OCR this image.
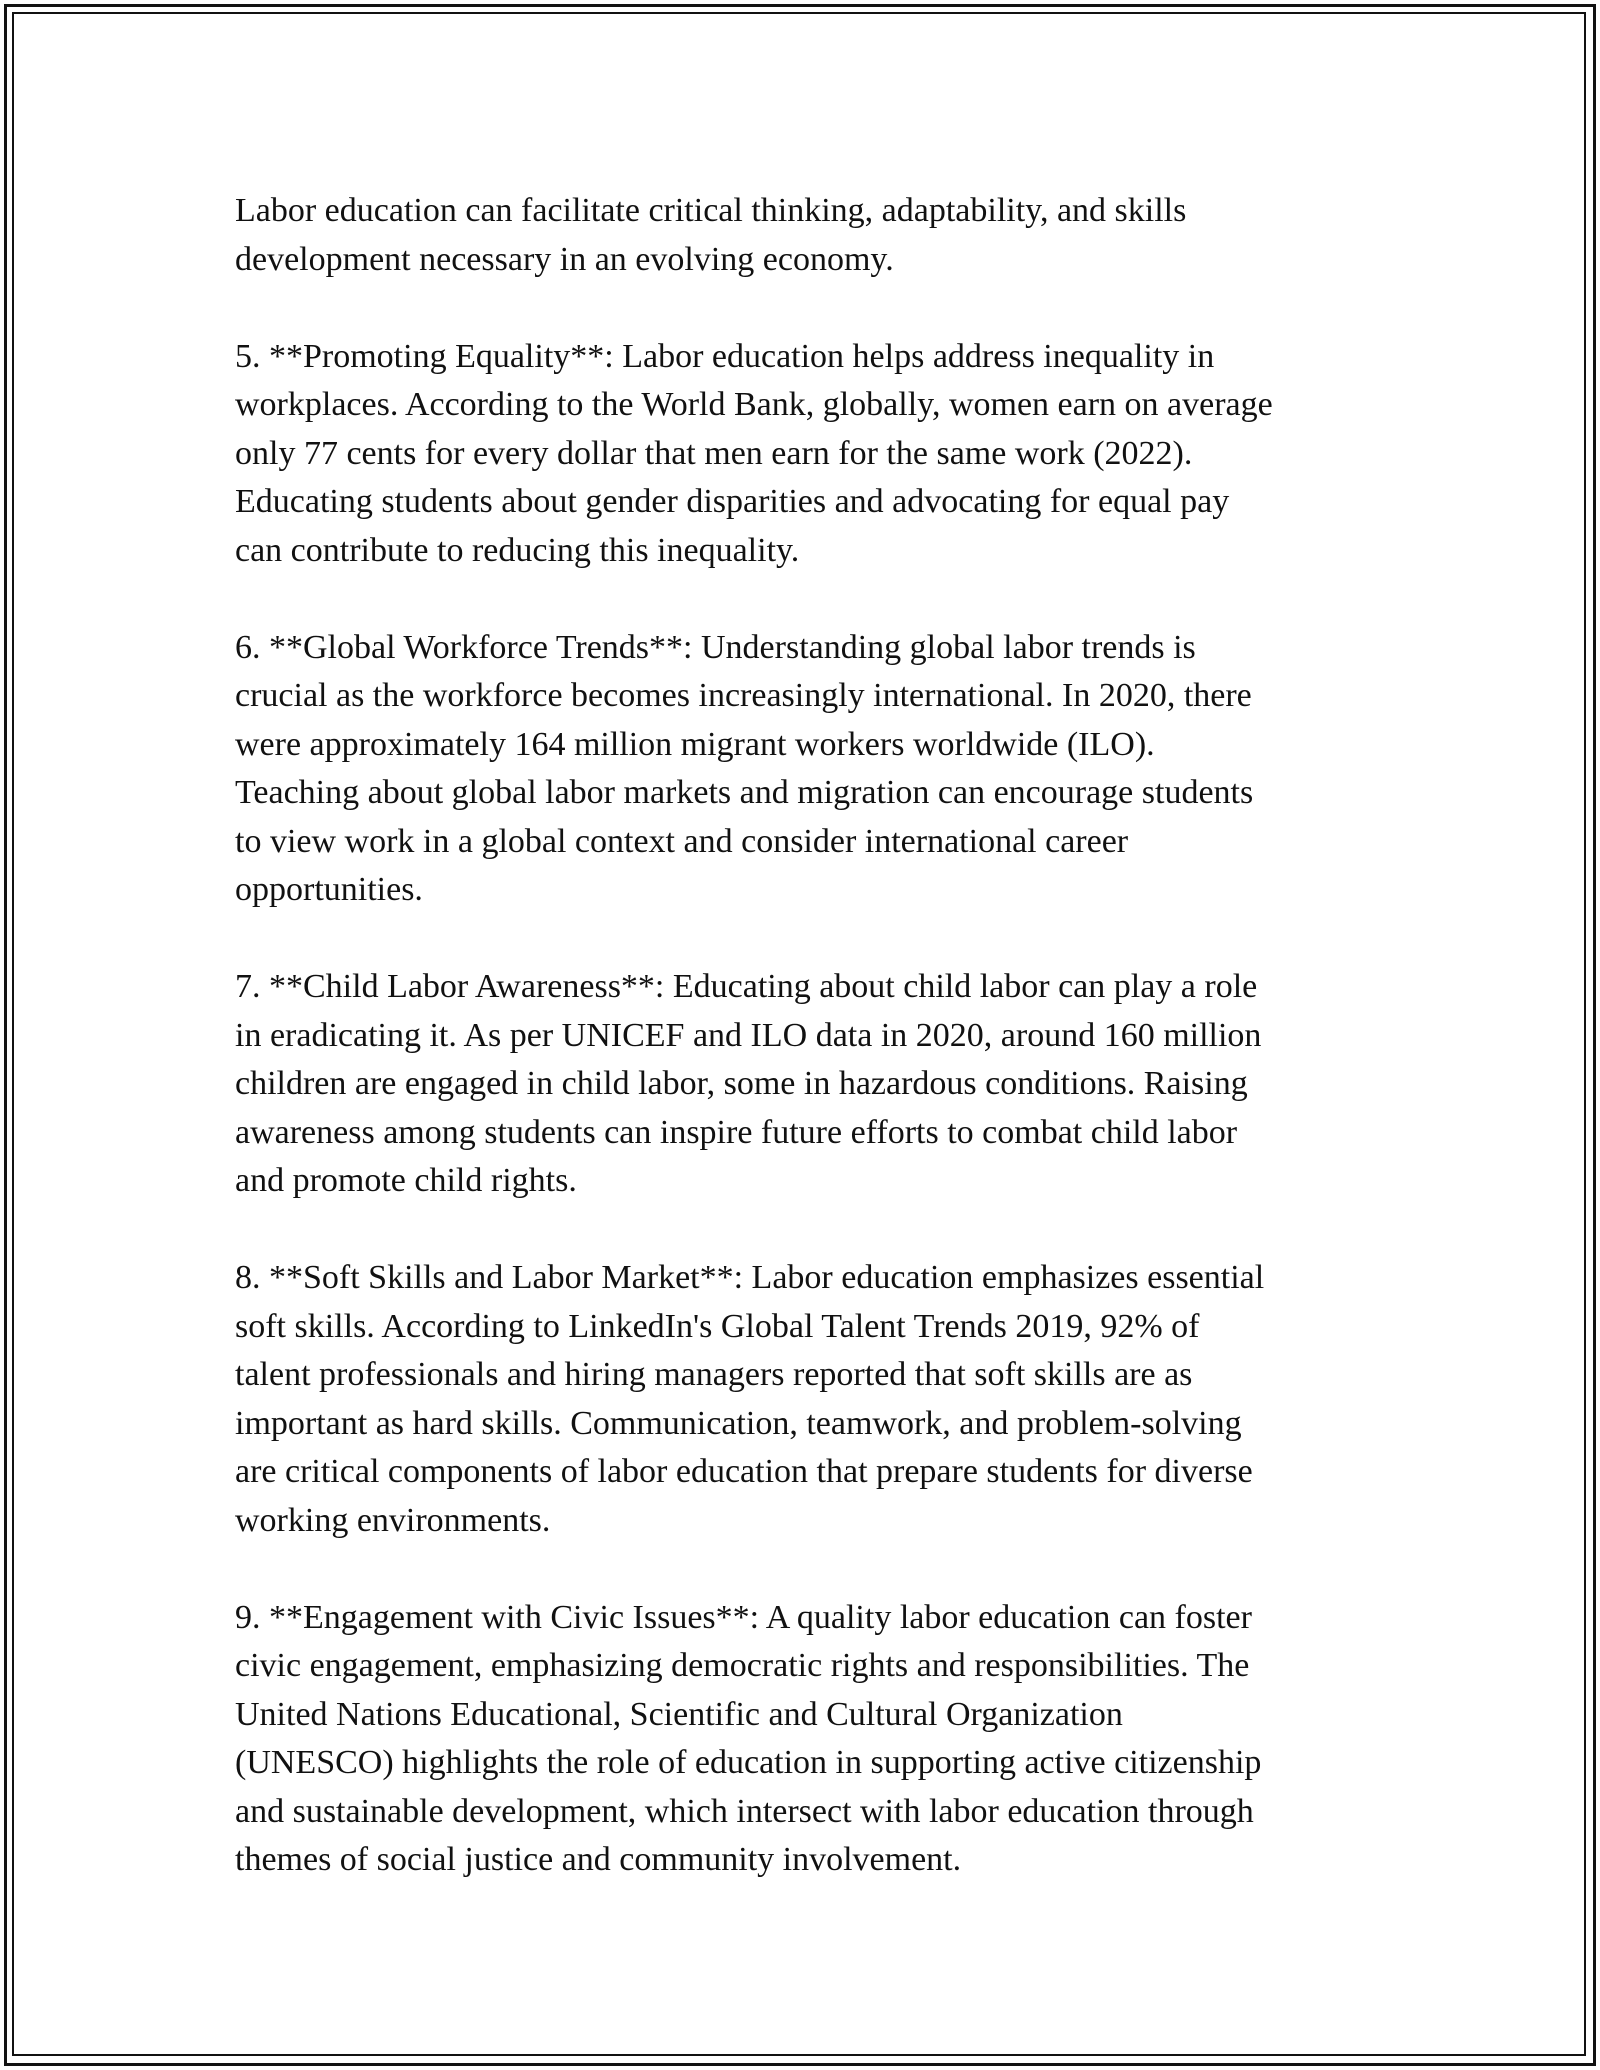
Labor education can facilitate critical thinking, adaptability, and skills
development necessary in an evolving economy.

5. **Promoting Equality**: Labor education helps address inequality in
workplaces. According to the World Bank, globally, women earn on average
only 77 cents for every dollar that men earn for the same work (2022).
Educating students about gender disparities and advocating for equal pay
can contribute to reducing this inequality.

6. **Global Workforce Trends**: Understanding global labor trends is
crucial as the workforce becomes increasingly international. In 2020, there
were approximately 164 million migrant workers worldwide (ILO).
Teaching about global labor markets and migration can encourage students
to view work in a global context and consider international career
opportunities.

7. **Child Labor Awareness**: Educating about child labor can play a role
in eradicating it. As per UNICEF and ILO data in 2020, around 160 million
children are engaged in child labor, some in hazardous conditions. Raising
awareness among students can inspire future efforts to combat child labor
and promote child rights.

8. **Soft Skills and Labor Market**: Labor education emphasizes essential
soft skills. According to LinkedIn's Global Talent Trends 2019, 92% of
talent professionals and hiring managers reported that soft skills are as
important as hard skills. Communication, teamwork, and problem-solving
are critical components of labor education that prepare students for diverse
working environments.

9. **Engagement with Civic Issues**: A quality labor education can foster
civic engagement, emphasizing democratic rights and responsibilities. The
United Nations Educational, Scientific and Cultural Organization
(UNESCO) highlights the role of education in supporting active citizenship
and sustainable development, which intersect with labor education through
themes of social justice and community involvement.
